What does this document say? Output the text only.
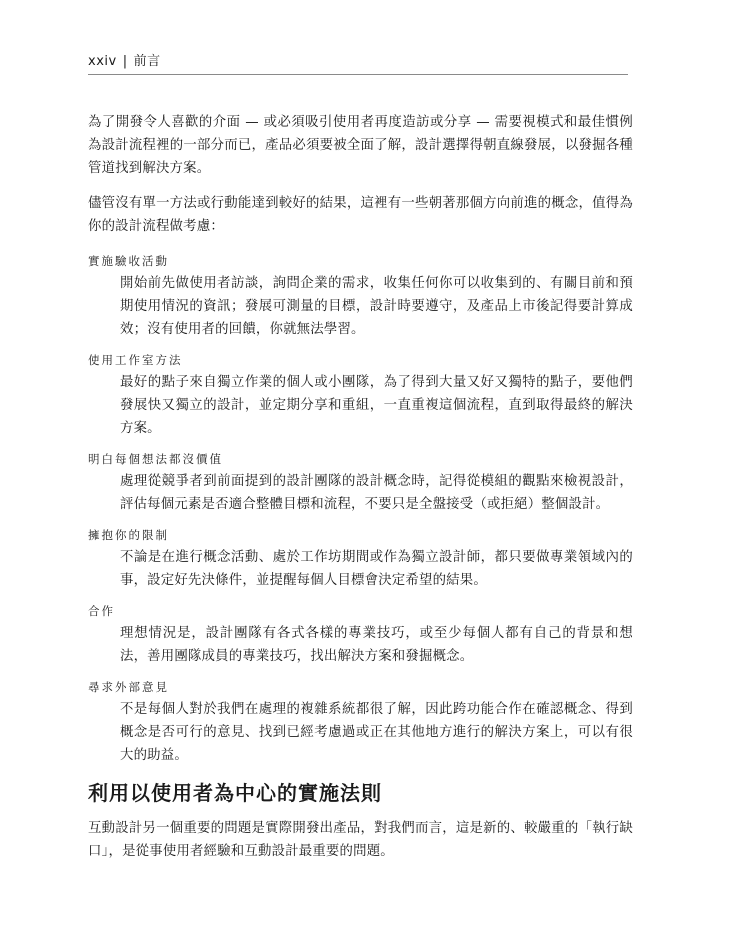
xxiv | 前言

為了開發令人喜歡的介面 — 或必須吸引使用者再度造訪或分享 — 需要視模式和最佳慣例為設計流程裡的一部分而已，產品必須要被全面了解，設計選擇得朝直線發展，以發掘各種管道找到解決方案。

儘管沒有單一方法或行動能達到較好的結果，這裡有一些朝著那個方向前進的概念，值得為你的設計流程做考慮：

實施驗收活動

開始前先做使用者訪談，詢問企業的需求，收集任何你可以收集到的、有關目前和預期使用情況的資訊；發展可測量的目標，設計時要遵守，及產品上市後記得要計算成效；沒有使用者的回饋，你就無法學習。

使用工作室方法

最好的點子來自獨立作業的個人或小團隊，為了得到大量又好又獨特的點子，要他們發展快又獨立的設計，並定期分享和重組，一直重複這個流程，直到取得最終的解決方案。

明白每個想法都沒價值

處理從競爭者到前面提到的設計團隊的設計概念時，記得從模組的觀點來檢視設計，評估每個元素是否適合整體目標和流程，不要只是全盤接受（或拒絕）整個設計。

擁抱你的限制

不論是在進行概念活動、處於工作坊期間或作為獨立設計師，都只要做專業領域內的事，設定好先決條件，並提醒每個人目標會決定希望的結果。

合作

理想情況是，設計團隊有各式各樣的專業技巧，或至少每個人都有自己的背景和想法，善用團隊成員的專業技巧，找出解決方案和發掘概念。

尋求外部意見

不是每個人對於我們在處理的複雜系統都很了解，因此跨功能合作在確認概念、得到概念是否可行的意見、找到已經考慮過或正在其他地方進行的解決方案上，可以有很大的助益。

利用以使用者為中心的實施法則

互動設計另一個重要的問題是實際開發出產品，對我們而言，這是新的、較嚴重的「執行缺口」，是從事使用者經驗和互動設計最重要的問題。
